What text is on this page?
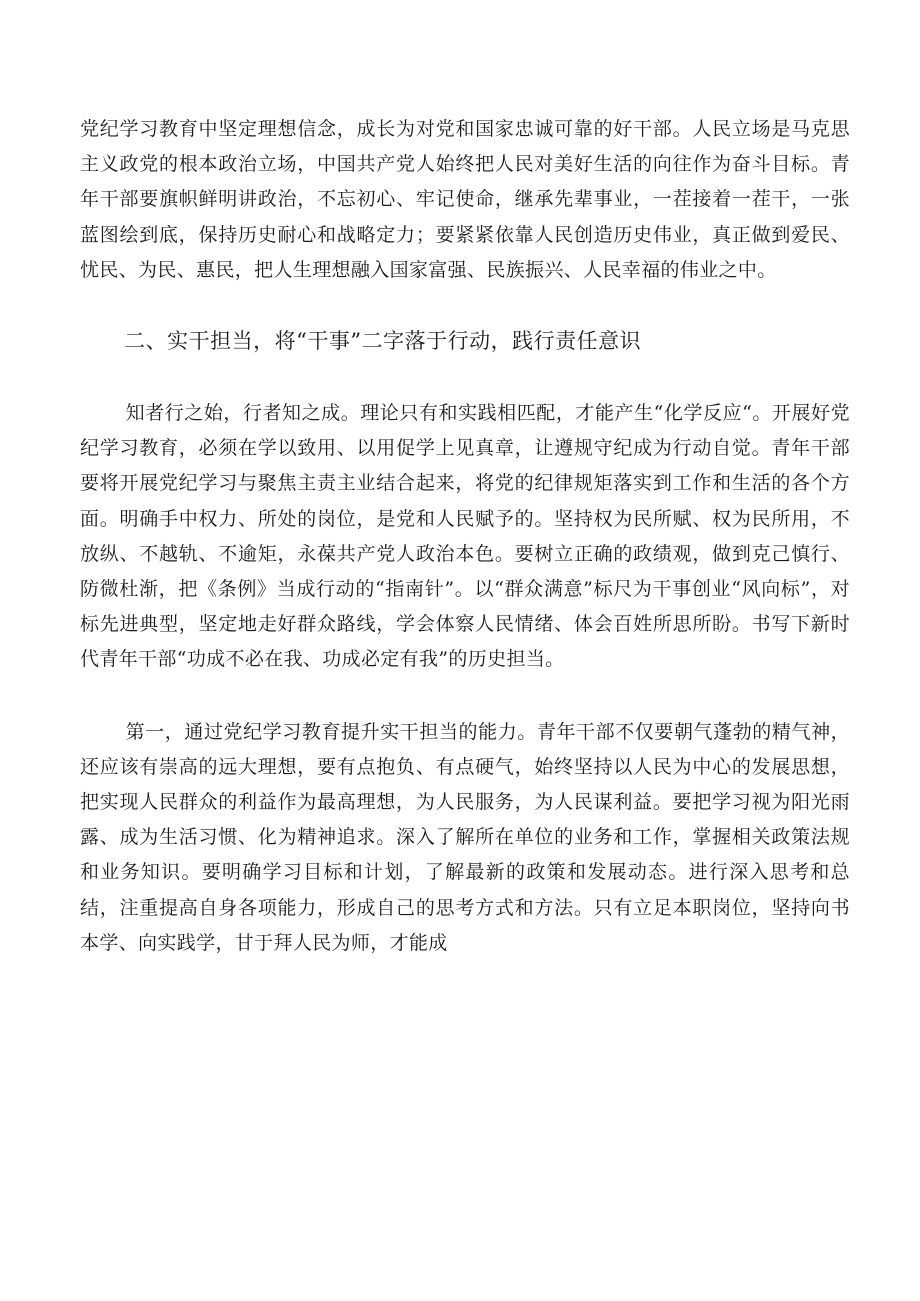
党纪学习教育中坚定理想信念，成长为对党和国家忠诚可靠的好干部。人民立场是马克思主义政党的根本政治立场，中国共产党人始终把人民对美好生活的向往作为奋斗目标。青年干部要旗帜鲜明讲政治，不忘初心、牢记使命，继承先辈事业，一茬接着一茬干，一张蓝图绘到底，保持历史耐心和战略定力；要紧紧依靠人民创造历史伟业，真正做到爱民、忧民、为民、惠民，把人生理想融入国家富强、民族振兴、人民幸福的伟业之中。

二、实干担当，将“干事”二字落于行动，践行责任意识

知者行之始，行者知之成。理论只有和实践相匹配，才能产生“化学反应“。开展好党纪学习教育，必须在学以致用、以用促学上见真章，让遵规守纪成为行动自觉。青年干部要将开展党纪学习与聚焦主责主业结合起来，将党的纪律规矩落实到工作和生活的各个方面。明确手中权力、所处的岗位，是党和人民赋予的。坚持权为民所赋、权为民所用，不放纵、不越轨、不逾矩，永葆共产党人政治本色。要树立正确的政绩观，做到克己慎行、防微杜渐，把《条例》当成行动的“指南针”。以“群众满意”标尺为干事创业“风向标”，对标先进典型，坚定地走好群众路线，学会体察人民情绪、体会百姓所思所盼。书写下新时代青年干部“功成不必在我、功成必定有我”的历史担当。

第一，通过党纪学习教育提升实干担当的能力。青年干部不仅要朝气蓬勃的精气神，还应该有崇高的远大理想，要有点抱负、有点硬气，始终坚持以人民为中心的发展思想，把实现人民群众的利益作为最高理想，为人民服务，为人民谋利益。要把学习视为阳光雨露、成为生活习惯、化为精神追求。深入了解所在单位的业务和工作，掌握相关政策法规和业务知识。要明确学习目标和计划，了解最新的政策和发展动态。进行深入思考和总结，注重提高自身各项能力，形成自己的思考方式和方法。只有立足本职岗位，坚持向书本学、向实践学，甘于拜人民为师，才能成
